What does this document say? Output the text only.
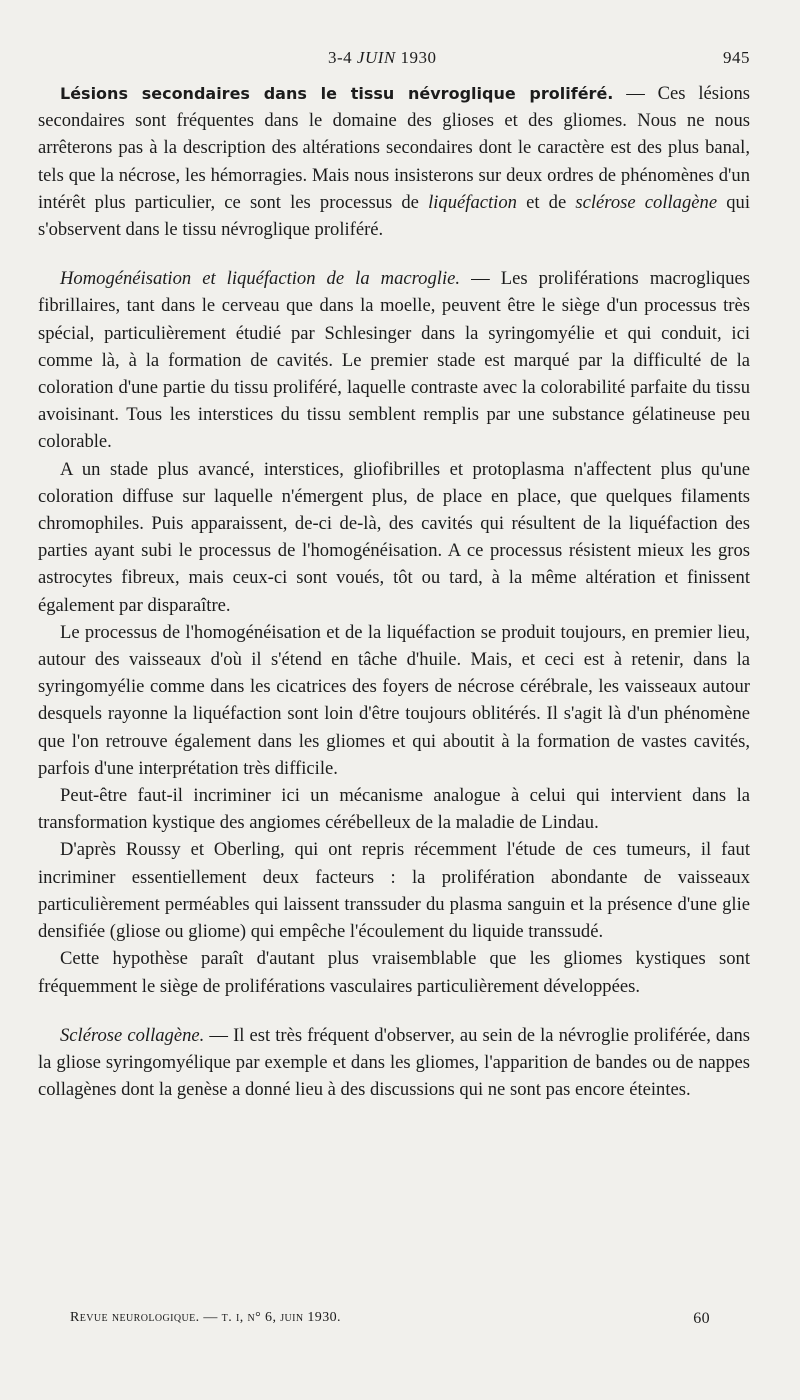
3-4 JUIN 1930	945

Lésions secondaires dans le tissu névroglique proliféré. — Ces lésions secondaires sont fréquentes dans le domaine des glioses et des gliomes. Nous ne nous arrêterons pas à la description des altérations secondaires dont le caractère est des plus banal, tels que la nécrose, les hémorragies. Mais nous insisterons sur deux ordres de phénomènes d'un intérêt plus particulier, ce sont les processus de liquéfaction et de sclérose collagène qui s'observent dans le tissu névroglique proliféré.

Homogénéisation et liquéfaction de la macroglie. — Les proliférations macrogliques fibrillaires, tant dans le cerveau que dans la moelle, peuvent être le siège d'un processus très spécial, particulièrement étudié par Schlesinger dans la syringomyélie et qui conduit, ici comme là, à la formation de cavités. Le premier stade est marqué par la difficulté de la coloration d'une partie du tissu proliféré, laquelle contraste avec la colorabilité parfaite du tissu avoisinant. Tous les interstices du tissu semblent remplis par une substance gélatineuse peu colorable.

A un stade plus avancé, interstices, gliofibrilles et protoplasma n'affectent plus qu'une coloration diffuse sur laquelle n'émergent plus, de place en place, que quelques filaments chromophiles. Puis apparaissent, de-ci de-là, des cavités qui résultent de la liquéfaction des parties ayant subi le processus de l'homogénéisation. A ce processus résistent mieux les gros astrocytes fibreux, mais ceux-ci sont voués, tôt ou tard, à la même altération et finissent également par disparaître.

Le processus de l'homogénéisation et de la liquéfaction se produit toujours, en premier lieu, autour des vaisseaux d'où il s'étend en tâche d'huile. Mais, et ceci est à retenir, dans la syringomyélie comme dans les cicatrices des foyers de nécrose cérébrale, les vaisseaux autour desquels rayonne la liquéfaction sont loin d'être toujours oblitérés. Il s'agit là d'un phénomène que l'on retrouve également dans les gliomes et qui aboutit à la formation de vastes cavités, parfois d'une interprétation très difficile.

Peut-être faut-il incriminer ici un mécanisme analogue à celui qui intervient dans la transformation kystique des angiomes cérébelleux de la maladie de Lindau.

D'après Roussy et Oberling, qui ont repris récemment l'étude de ces tumeurs, il faut incriminer essentiellement deux facteurs : la prolifération abondante de vaisseaux particulièrement perméables qui laissent transsuder du plasma sanguin et la présence d'une glie densifiée (gliose ou gliome) qui empêche l'écoulement du liquide transsudé.

Cette hypothèse paraît d'autant plus vraisemblable que les gliomes kystiques sont fréquemment le siège de proliférations vasculaires particulièrement développées.

Sclérose collagène. — Il est très fréquent d'observer, au sein de la névroglie proliférée, dans la gliose syringomyélique par exemple et dans les gliomes, l'apparition de bandes ou de nappes collagènes dont la genèse a donné lieu à des discussions qui ne sont pas encore éteintes.

Revue neurologique. — t. i, n° 6, juin 1930.	60
